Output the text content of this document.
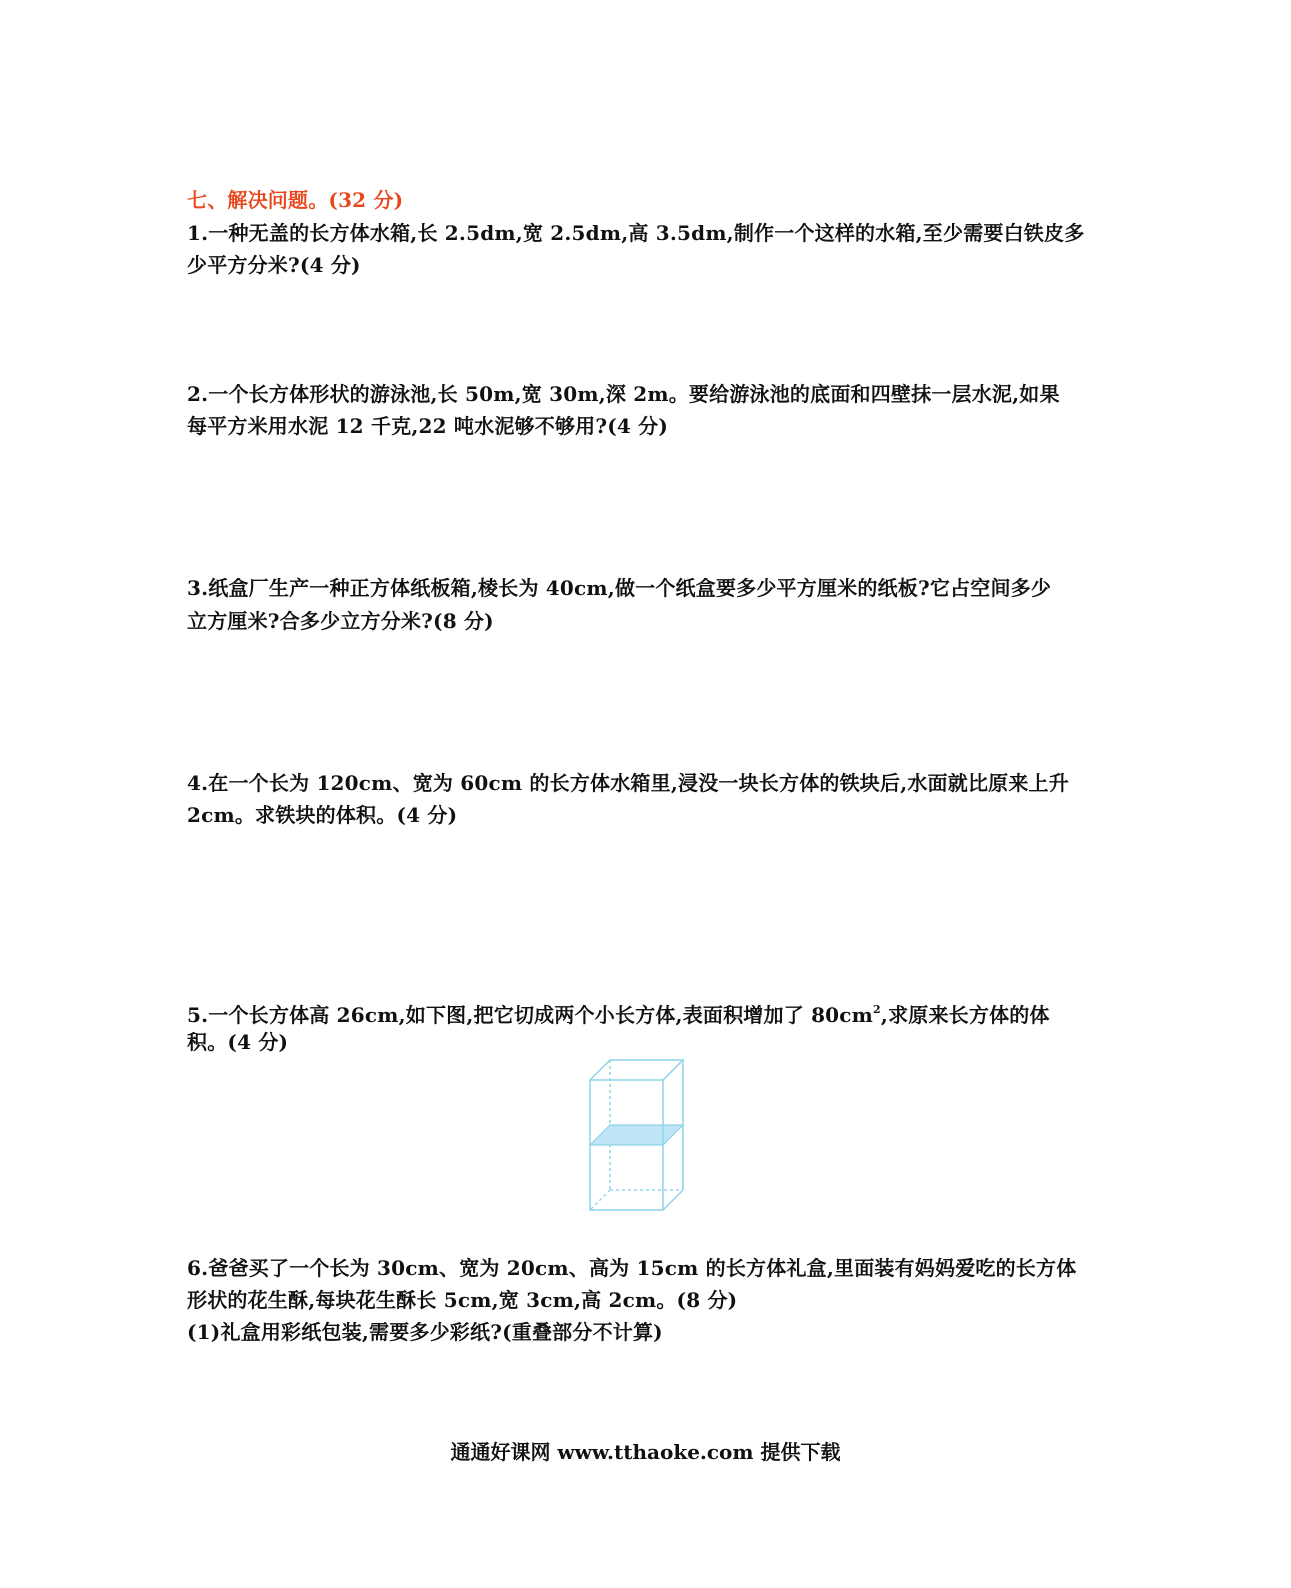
七、解决问题。(32 分)
1.一种无盖的长方体水箱,长 2.5dm,宽 2.5dm,高 3.5dm,制作一个这样的水箱,至少需要白铁皮多
少平方分米?(4 分)
2.一个长方体形状的游泳池,长 50m,宽 30m,深 2m。要给游泳池的底面和四壁抹一层水泥,如果
每平方米用水泥 12 千克,22 吨水泥够不够用?(4 分)
3.纸盒厂生产一种正方体纸板箱,棱长为 40cm,做一个纸盒要多少平方厘米的纸板?它占空间多少
立方厘米?合多少立方分米?(8 分)
4.在一个长为 120cm、宽为 60cm 的长方体水箱里,浸没一块长方体的铁块后,水面就比原来上升
2cm。求铁块的体积。(4 分)
5.一个长方体高 26cm,如下图,把它切成两个小长方体,表面积增加了 $80cm^2$,求原来长方体的体
积。(4 分)
6.爸爸买了一个长为 30cm、宽为 20cm、高为 15cm 的长方体礼盒,里面装有妈妈爱吃的长方体
形状的花生酥,每块花生酥长 5cm,宽 3cm,高 2cm。(8 分)
(1)礼盒用彩纸包装,需要多少彩纸?(重叠部分不计算)
通通好课网 www.tthaoke.com 提供下载
